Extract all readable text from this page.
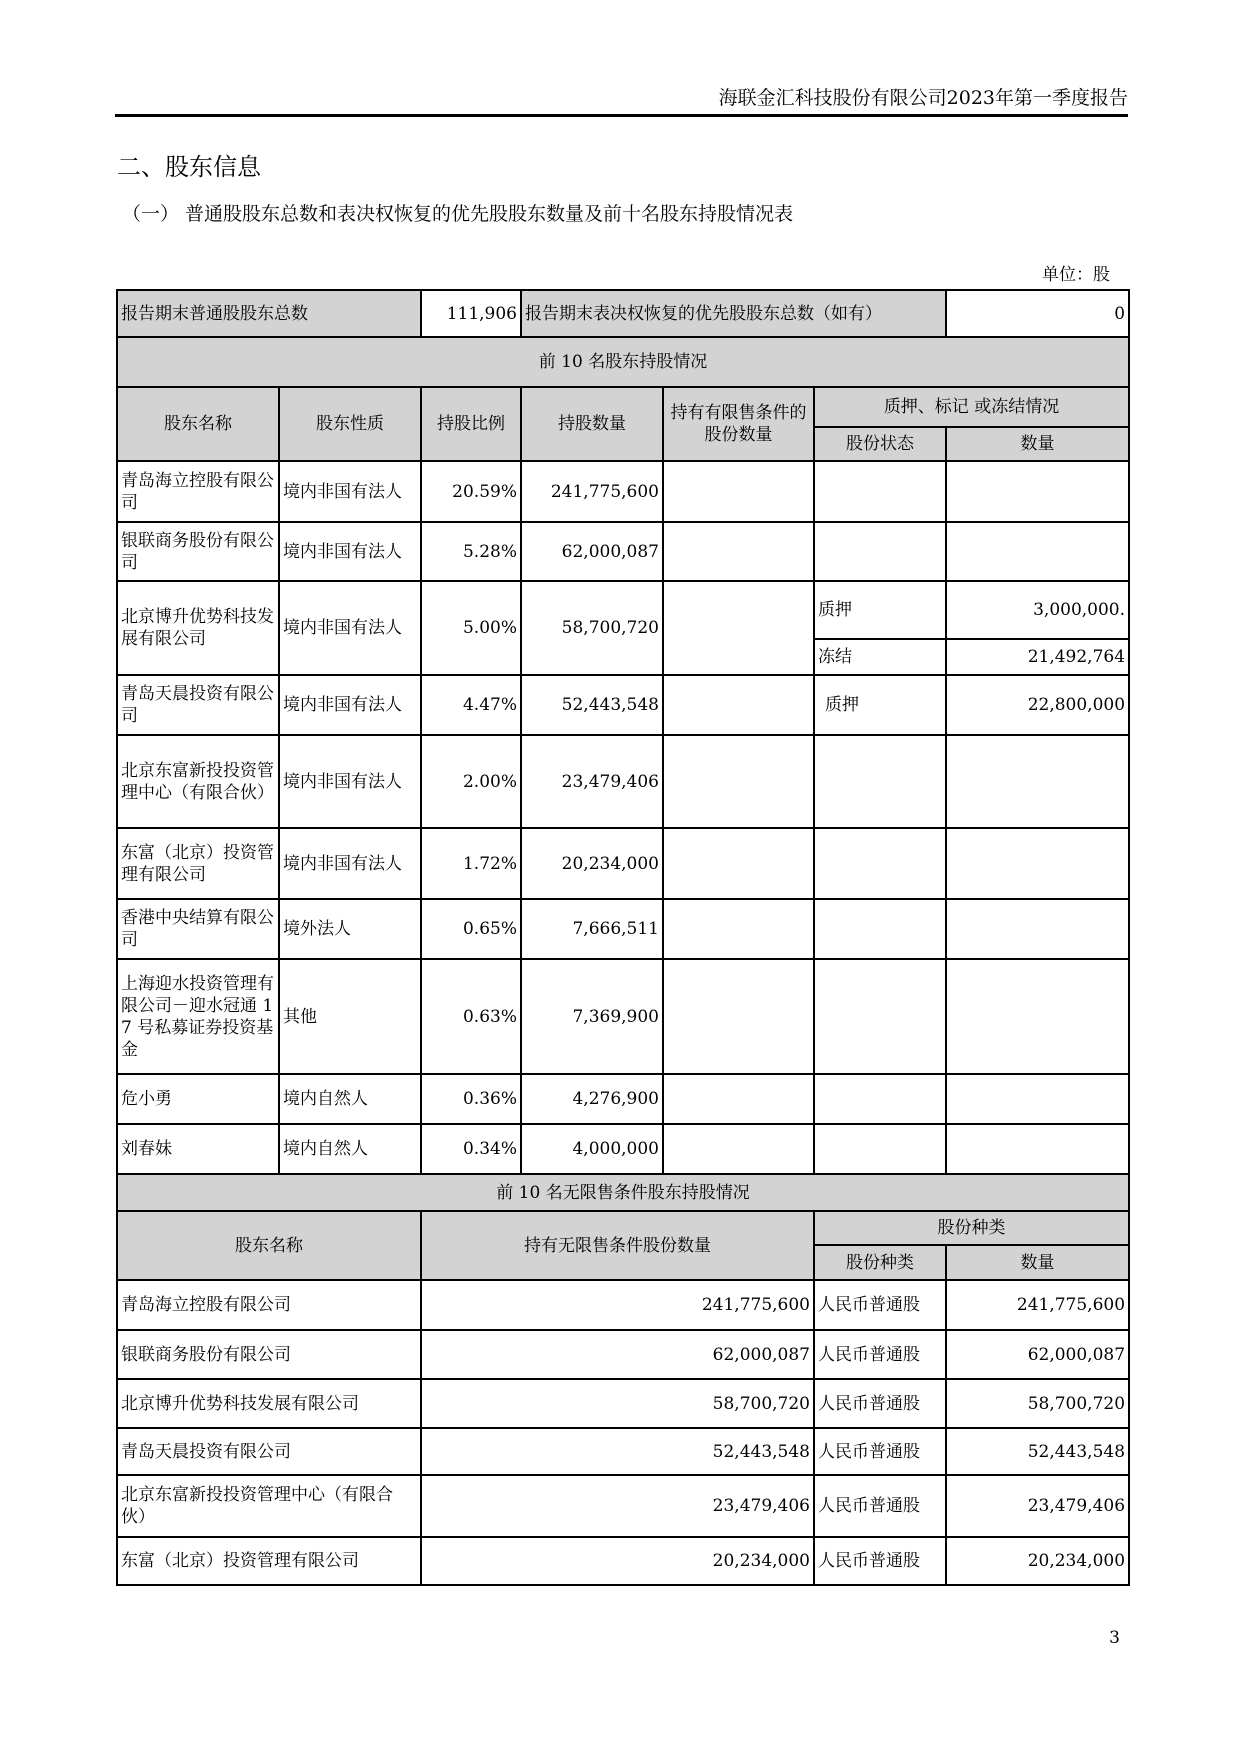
海联金汇科技股份有限公司2023年第一季度报告
二、股东信息
（一） 普通股股东总数和表决权恢复的优先股股东数量及前十名股东持股情况表
单位：股
报告期末普通股股东总数		111,906	报告期末表决权恢复的优先股股东总数（如有）			0
前 10 名股东持股情况						
股东名称	股东性质	持股比例	持股数量	持有有限售条件的股份数量	质押、标记 或冻结情况	
					股份状态	数量
青岛海立控股有限公司	境内非国有法人	20.59%	241,775,600			
银联商务股份有限公司	境内非国有法人	5.28%	62,000,087			
北京博升优势科技发展有限公司	境内非国有法人	5.00%	58,700,720		质押	3,000,000.
					冻结	21,492,764
青岛天晨投资有限公司	境内非国有法人	4.47%	52,443,548		质押	22,800,000
北京东富新投投资管理中心（有限合伙）	境内非国有法人	2.00%	23,479,406			
东富（北京）投资管理有限公司	境内非国有法人	1.72%	20,234,000			
香港中央结算有限公司	境外法人	0.65%	7,666,511			
上海迎水投资管理有限公司－迎水冠通 17 号私募证券投资基金	其他	0.63%	7,369,900			
危小勇	境内自然人	0.36%	4,276,900			
刘春妹	境内自然人	0.34%	4,000,000			
前 10 名无限售条件股东持股情况						
股东名称		持有无限售条件股份数量			股份种类	
					股份种类	数量
青岛海立控股有限公司		241,775,600			人民币普通股	241,775,600
银联商务股份有限公司		62,000,087			人民币普通股	62,000,087
北京博升优势科技发展有限公司		58,700,720			人民币普通股	58,700,720
青岛天晨投资有限公司		52,443,548			人民币普通股	52,443,548
北京东富新投投资管理中心（有限合伙）		23,479,406			人民币普通股	23,479,406
东富（北京）投资管理有限公司		20,234,000			人民币普通股	20,234,000
3
